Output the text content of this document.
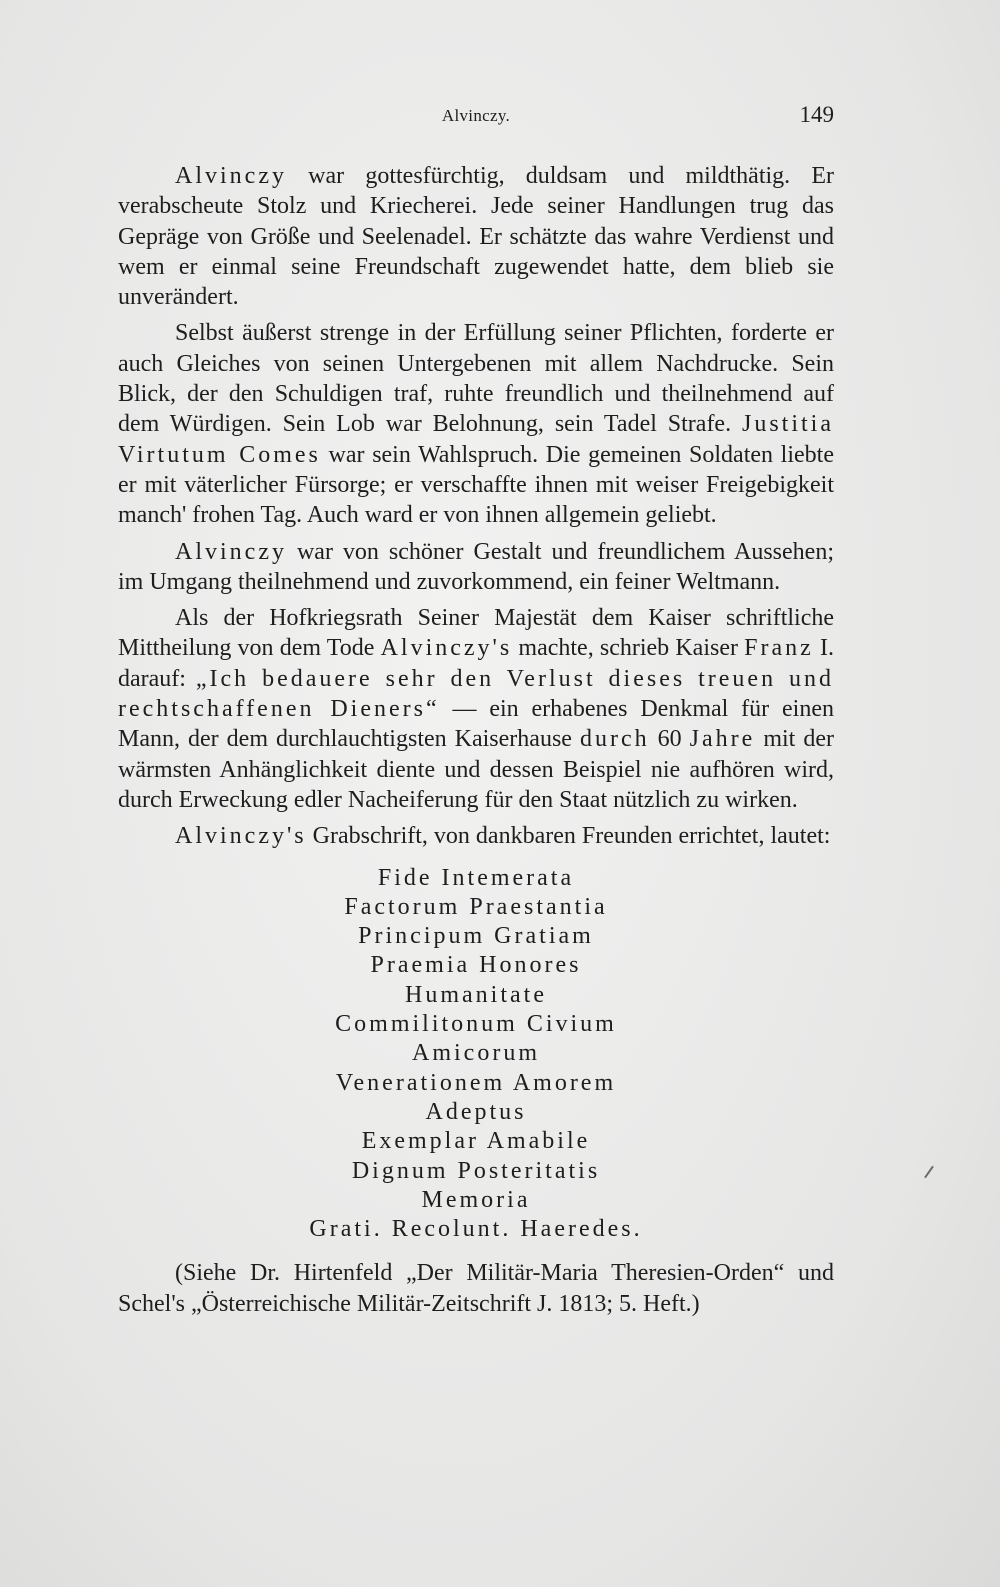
Alvinczy.	149

Alvinczy war gottesfürchtig, duldsam und mildthätig. Er verabscheute Stolz und Kriecherei. Jede seiner Handlungen trug das Gepräge von Größe und Seelenadel. Er schätzte das wahre Verdienst und wem er einmal seine Freundschaft zugewendet hatte, dem blieb sie unverändert.

Selbst äußerst strenge in der Erfüllung seiner Pflichten, forderte er auch Gleiches von seinen Untergebenen mit allem Nachdrucke. Sein Blick, der den Schuldigen traf, ruhte freundlich und theilnehmend auf dem Würdigen. Sein Lob war Belohnung, sein Tadel Strafe. Justitia Virtutum Comes war sein Wahlspruch. Die gemeinen Soldaten liebte er mit väterlicher Fürsorge; er verschaffte ihnen mit weiser Freigebigkeit manch' frohen Tag. Auch ward er von ihnen allgemein geliebt.

Alvinczy war von schöner Gestalt und freundlichem Aussehen; im Umgang theilnehmend und zuvorkommend, ein feiner Weltmann.

Als der Hofkriegsrath Seiner Majestät dem Kaiser schriftliche Mittheilung von dem Tode Alvinczy's machte, schrieb Kaiser Franz I. darauf: „Ich bedauere sehr den Verlust dieses treuen und rechtschaffenen Dieners“ — ein erhabenes Denkmal für einen Mann, der dem durchlauchtigsten Kaiserhause durch 60 Jahre mit der wärmsten Anhänglichkeit diente und dessen Beispiel nie aufhören wird, durch Erweckung edler Nacheiferung für den Staat nützlich zu wirken.

Alvinczy's Grabschrift, von dankbaren Freunden errichtet, lautet:

Fide Intemerata
Factorum Praestantia
Principum Gratiam
Praemia Honores
Humanitate
Commilitonum Civium
Amicorum
Venerationem Amorem
Adeptus
Exemplar Amabile
Dignum Posteritatis
Memoria
Grati. Recolunt. Haeredes.

(Siehe Dr. Hirtenfeld „Der Militär-Maria Theresien-Orden“ und Schel's „Österreichische Militär-Zeitschrift J. 1813; 5. Heft.)
